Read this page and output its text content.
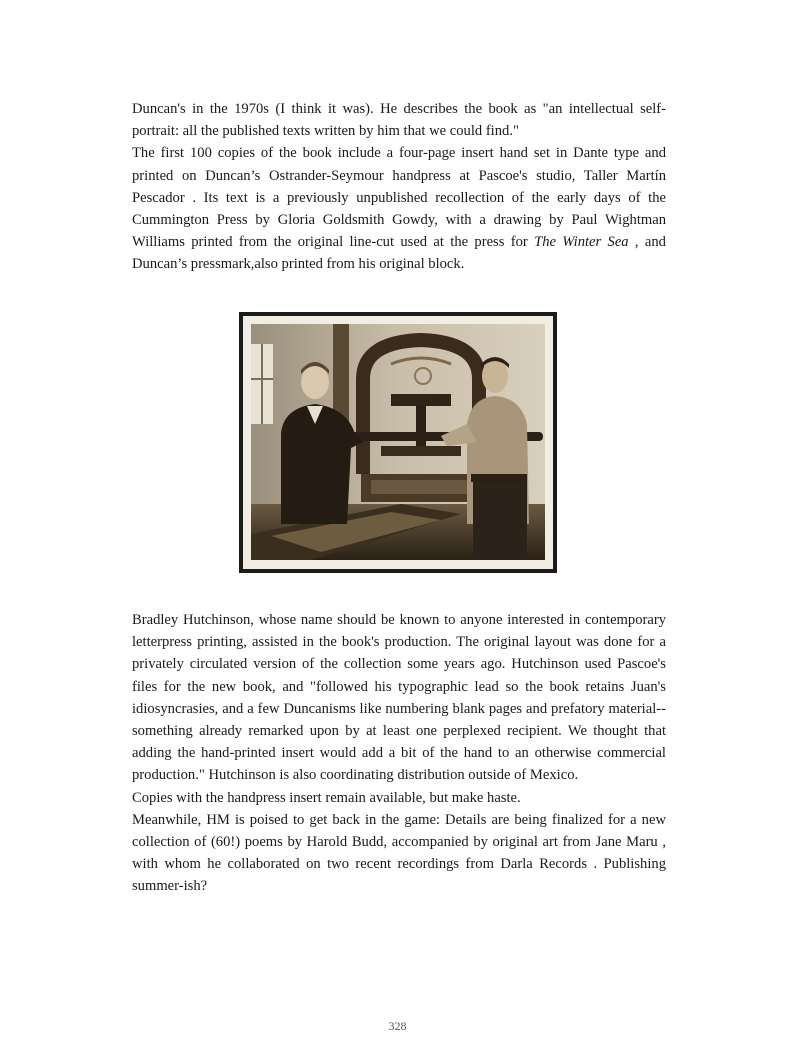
Duncan's in the 1970s (I think it was). He describes the book as "an intellectual self-portrait: all the published texts written by him that we could find."

The first 100 copies of the book include a four-page insert hand set in Dante type and printed on Duncan’s Ostrander-Seymour handpress at Pascoe's studio, Taller Martín Pescador . Its text is a previously unpublished recollection of the early days of the Cummington Press by Gloria Goldsmith Gowdy, with a drawing by Paul Wightman Williams printed from the original line-cut used at the press for The Winter Sea , and Duncan’s pressmark,also printed from his original block.

Bradley Hutchinson, whose name should be known to anyone interested in contemporary letterpress printing, assisted in the book's production. The original layout was done for a privately circulated version of the collection some years ago. Hutchinson used Pascoe's files for the new book, and "followed his typographic lead so the book retains Juan's idiosyncrasies, and a few Duncanisms like numbering blank pages and prefatory material--something already remarked upon by at least one perplexed recipient. We thought that adding the hand-printed insert would add a bit of the hand to an otherwise commercial production." Hutchinson is also coordinating distribution outside of Mexico.

Copies with the handpress insert remain available, but make haste.

Meanwhile, HM is poised to get back in the game: Details are being finalized for a new collection of (60!) poems by Harold Budd, accompanied by original art from Jane Maru , with whom he collaborated on two recent recordings from Darla Records . Publishing summer-ish?

328
